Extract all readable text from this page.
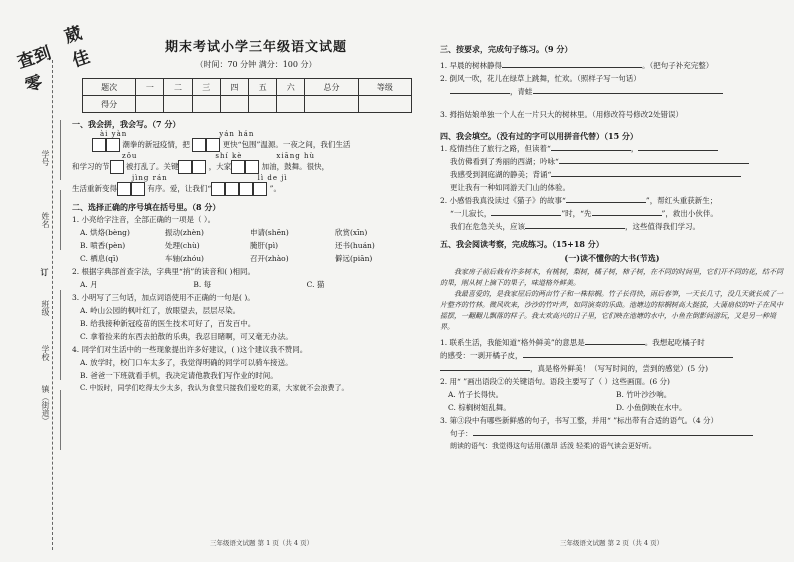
査到零
葳佳
学号
姓名
订
班级
学校
镇（街道）
期末考试小学三年级语文试题
（时间：70 分钟 满分：100 分）
题次	一	二	三	四	五	六	总分	等级
得分								
一、我会拼，我会写。（7 分）
ài yàn	yán hán
潮拳的新冠疫情，把	更快“包围”温源。一夜之间，我们生活
zǒu	shí kè	xiāng hù
和学习的节 被打乱了。关键	，大家	加油，鼓舞。很快，
jìng rán	lì de jì
生活重新变得	有序。爱，让我们“	”。
二、选择正确的序号填在括号里。（8 分）
1. 小亮给字注音，全部正确的一项是（ ）。
A. 烘烙(bèng)	振动(zhèn)	申请(shēn)	欣赏(xīn)
B. 喷香(pèn)	处理(chù)	腌肝(pì)	还书(huán)
C. 栖息(qī)	车轴(zhóu)	召开(zhào)	僻远(piān)
2. 根据字典部首查字法，字典里“捎”的读音和( )相同。
A. 月	B. 每	C. 猫
3. 小明写了三句话，加点词语使用不正确的一句是( )。
A. 岭山公园的枫叶红了，放眼望去，层层尽染。
B. 给我接种新冠疫苗的医生技术可好了，百发百中。
C. 拿着捡来的东西去拍散的乐典，我忍目睹啊，可又毫无办法。
4. 同学们对生活中的一些现象提出许多好建议，( )这个建议我不赞同。
A. 放学时，校门口车太多了，我觉得明确的同学可以骑车接送。
B. 爸爸一下班就看手机，我决定请他教我们写作业的时间。
C. 中饭时，同学们吃得太少太多，我认为食堂只接我们爱吃的菜，大家就不会浪费了。
三年级语文试题 第 1 页（共 4 页）
三、按要求，完成句子练习。（9 分）
1. 早晨的树林静得	。（把句子补充完整）
2. 倒风一吹，花儿在绿草上跳舞，忙欢。（照样子写一句话）
，青蛙
3. 拇指姑娘单独一个人在一片只大的树林里。（用修改符号修改2处错误）
四、我会填空。（没有过的字可以用拼音代替）（15 分）
1. 疫情挡住了旅行之路，但读着“	，
我仿佛看到了秀丽的西湖；吟咏“
我感受到洞庭湖的静美；背诵“
更让我有一种如同游天门山的体验。
2. 小感悟我真没读过《猫子》的故事“	”，帮红头重获新生；
“一儿寂长，	”时，“先	”，救出小伙伴。
我们在危急关头，应该	，这些值得我们学习。
五、我会阅读考察，完成练习。（15+18 分）
(一)读不懂你的大书(节选)
我家房子前后栽有许多树木，有桃树，梨树，橘子树，柿子树，在不同的时间里，它们开不同的花，结不同的果，刚从树上摘下的果子，味道格外鲜美。
我最喜爱的，是我家屋后的两亩竹子和一株棕榈。竹子长得快，雨后春笋，一天长几寸，没几天就长成了一片整齐的竹林。微风吹来，沙沙的竹叶声，如同演奏的乐曲。池塘边的棕榈树高大挺拔，大蒲扇似的叶子在风中摇摆，一翻翻儿飘落的样子。我太欢高兴的日子里，它们映在池塘的水中，小鱼在倒影间游玩，又是另一种境界。
1. 联系生活，我能知道“格外鲜美”的意思是	。我想起吃橘子时
的感受：一剥开橘子皮，
，真是格外鲜美！（写写时间的，尝到的感觉）(5 分)
2. 用“ ”画出语段②的关键语句。语段主要写了（ ）这些画面。(6 分)
A. 竹子长得快。	B. 竹叶沙沙响。
C. 棕榈树姐乱舞。	D. 小鱼倒映在水中。
3. 第③段中有哪些新鲜感的句子，书写工整，并用“ ”标出带有合适的语气。（4 分）
句子：
朗读的语气：我觉得这句话用(激昂 活泼 轻柔)的语气读会更好听。
三年级语文试题 第 2 页（共 4 页）
